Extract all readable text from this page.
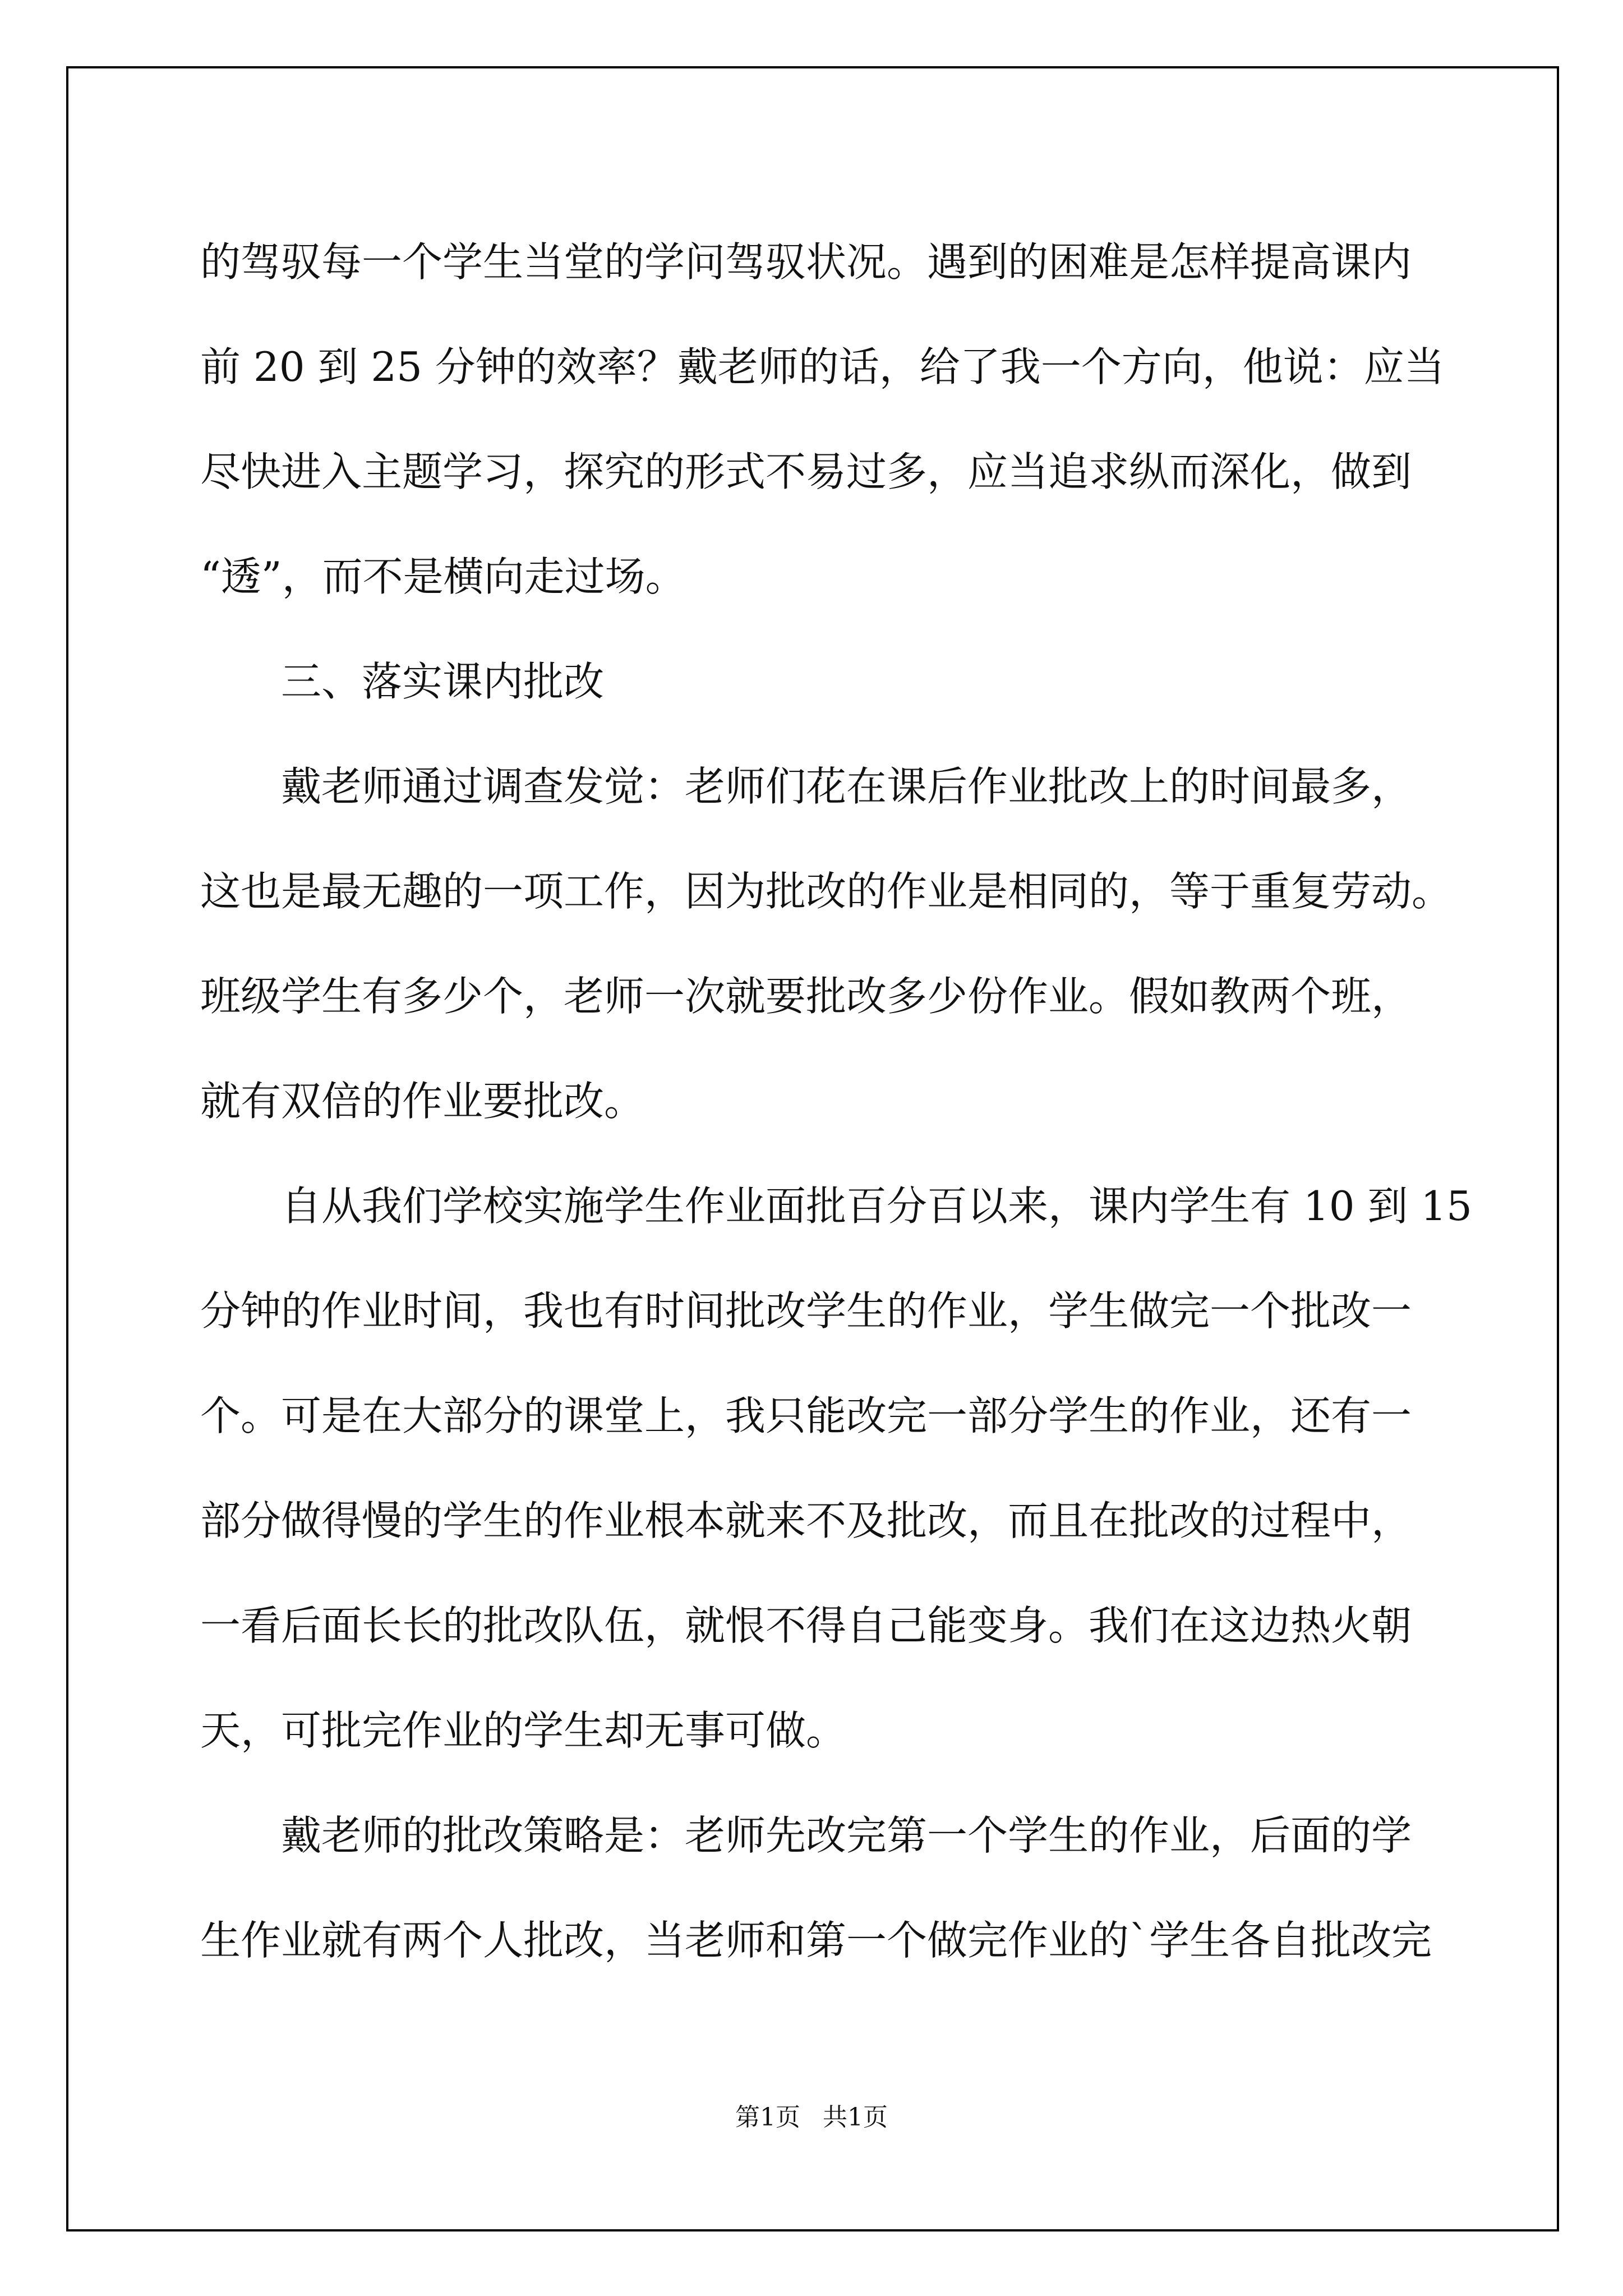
的驾驭每一个学生当堂的学问驾驭状况。遇到的困难是怎样提高课内
前 20 到 25 分钟的效率？戴老师的话，给了我一个方向，他说：应当
尽快进入主题学习，探究的形式不易过多，应当追求纵而深化，做到
“透”，而不是横向走过场。
三、落实课内批改
戴老师通过调查发觉：老师们花在课后作业批改上的时间最多，
这也是最无趣的一项工作，因为批改的作业是相同的，等于重复劳动。
班级学生有多少个，老师一次就要批改多少份作业。假如教两个班，
就有双倍的作业要批改。
自从我们学校实施学生作业面批百分百以来，课内学生有 10 到 15
分钟的作业时间，我也有时间批改学生的作业，学生做完一个批改一
个。可是在大部分的课堂上，我只能改完一部分学生的作业，还有一
部分做得慢的学生的作业根本就来不及批改，而且在批改的过程中，
一看后面长长的批改队伍，就恨不得自己能变身。我们在这边热火朝
天，可批完作业的学生却无事可做。
戴老师的批改策略是：老师先改完第一个学生的作业，后面的学
生作业就有两个人批改，当老师和第一个做完作业的`学生各自批改完
第1页 共1页
